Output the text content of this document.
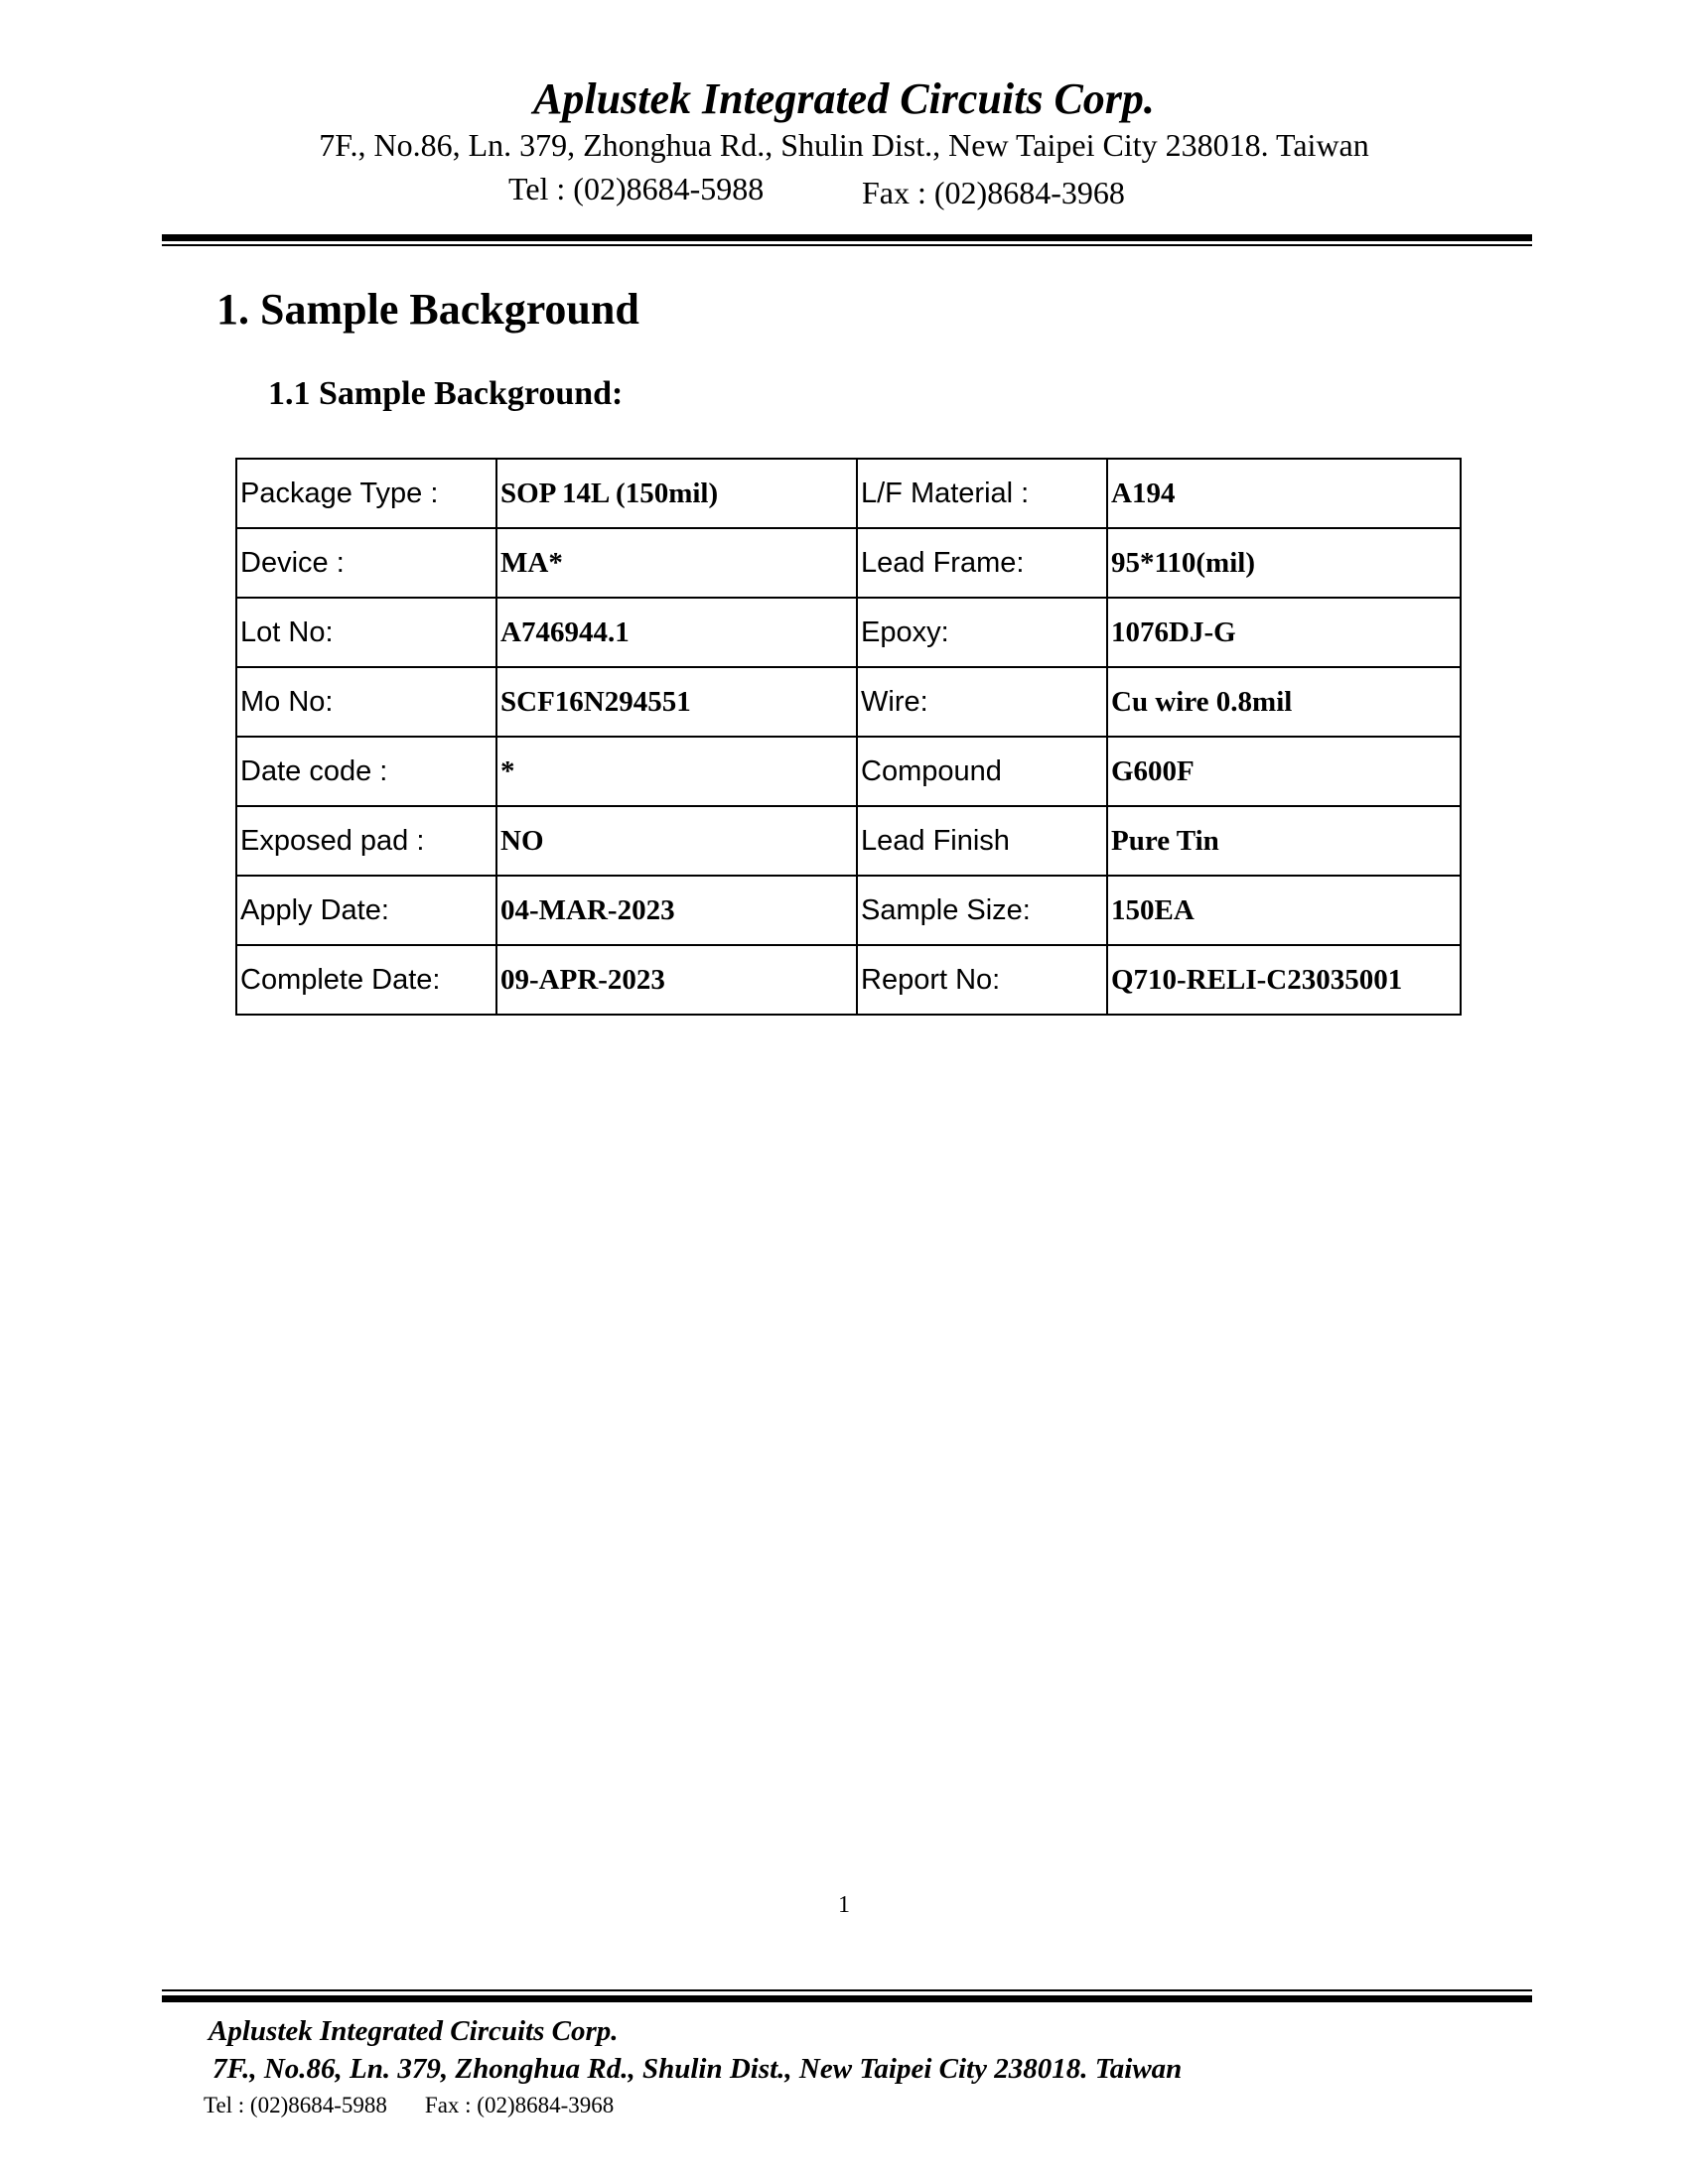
Aplustek Integrated Circuits Corp.
7F., No.86, Ln. 379, Zhonghua Rd., Shulin Dist., New Taipei City 238018. Taiwan
Tel : (02)8684-5988	Fax : (02)8684-3968
1. Sample Background
1.1 Sample Background:
Package Type :	SOP 14L (150mil)	L/F Material :	A194
Device :	MA*	Lead Frame:	95*110(mil)
Lot No:	A746944.1	Epoxy:	1076DJ-G
Mo No:	SCF16N294551	Wire:	Cu wire 0.8mil
Date code :	*	Compound	G600F
Exposed pad :	NO	Lead Finish	Pure Tin
Apply Date:	04-MAR-2023	Sample Size:	150EA
Complete Date:	09-APR-2023	Report No:	Q710-RELI-C23035001
1
Aplustek Integrated Circuits Corp.
7F., No.86, Ln. 379, Zhonghua Rd., Shulin Dist., New Taipei City 238018. Taiwan
Tel : (02)8684-5988 Fax : (02)8684-3968
